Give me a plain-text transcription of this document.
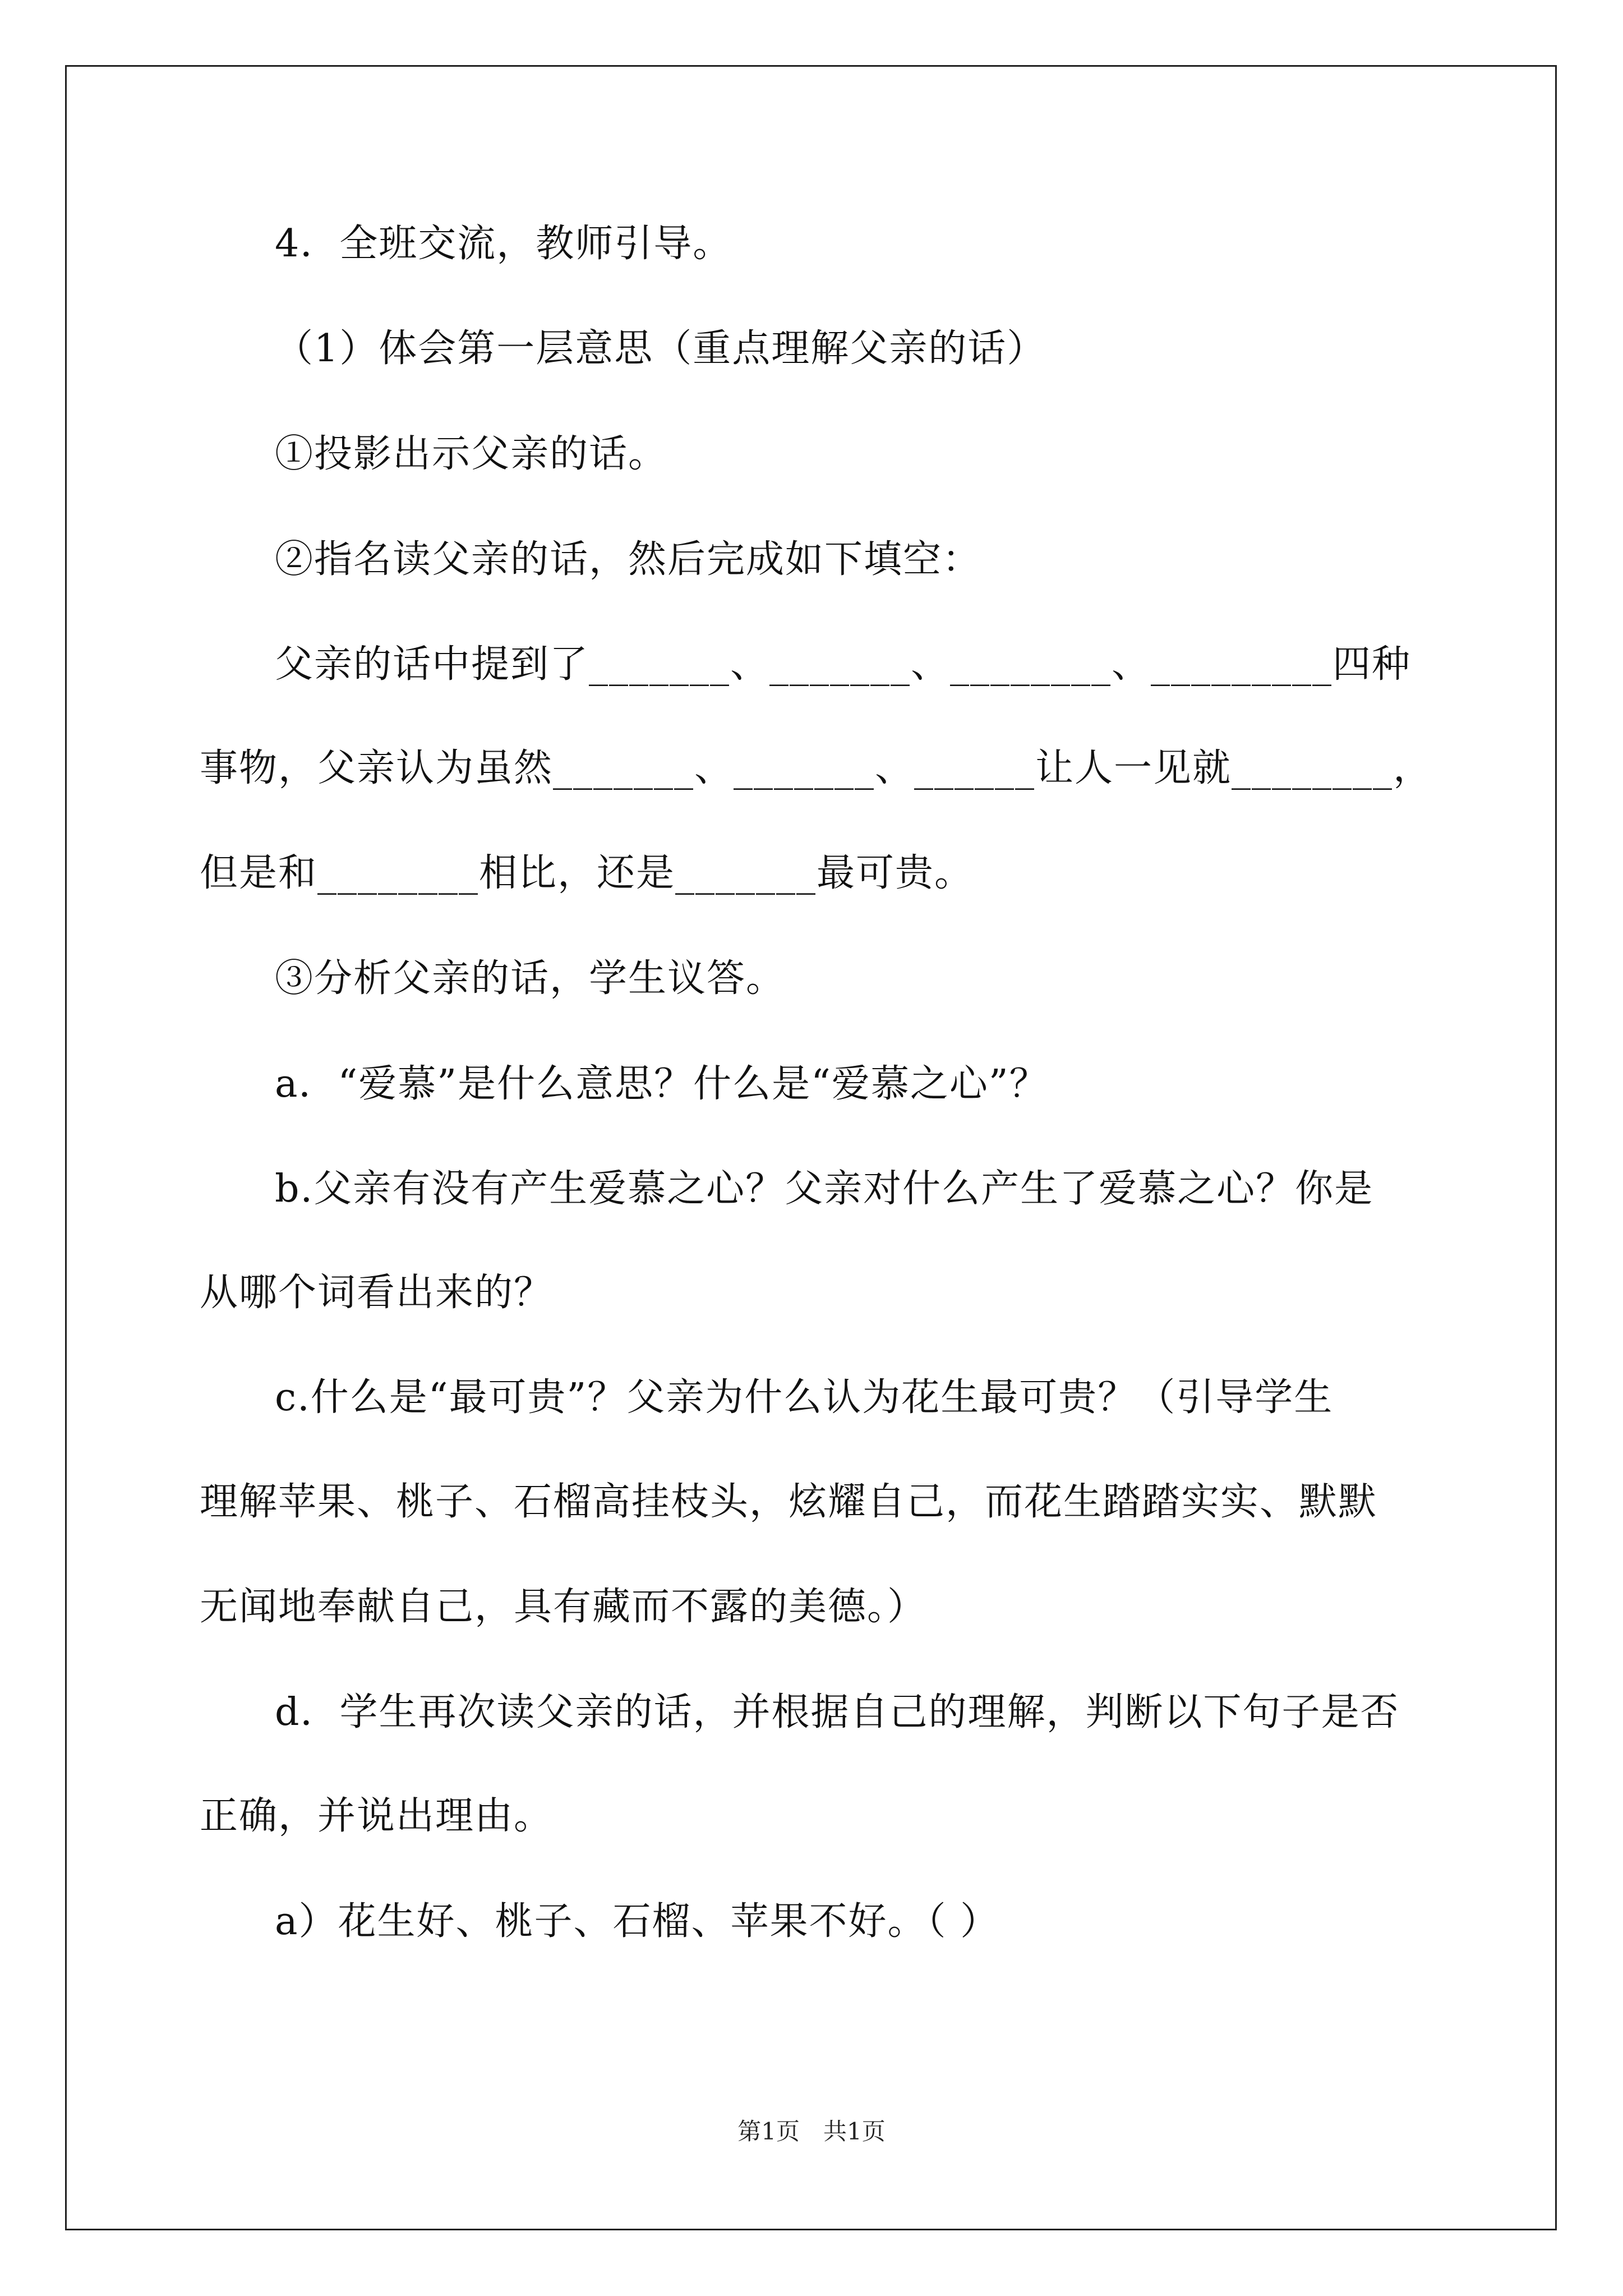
4．全班交流，教师引导。
（1）体会第一层意思（重点理解父亲的话）
①投影出示父亲的话。
②指名读父亲的话，然后完成如下填空：
父亲的话中提到了_______、_______、________、_________四种
事物，父亲认为虽然_______、_______、______让人一见就________，
但是和________相比，还是_______最可贵。
③分析父亲的话，学生议答。
a．“爱慕”是什么意思？什么是“爱慕之心”？
b.父亲有没有产生爱慕之心？父亲对什么产生了爱慕之心？你是
从哪个词看出来的？
c.什么是“最可贵”？父亲为什么认为花生最可贵？（引导学生
理解苹果、桃子、石榴高挂枝头，炫耀自己，而花生踏踏实实、默默
无闻地奉献自己，具有藏而不露的美德。）
d．学生再次读父亲的话，并根据自己的理解，判断以下句子是否
正确，并说出理由。
a）花生好、桃子、石榴、苹果不好。（ ）
第1页　共1页
